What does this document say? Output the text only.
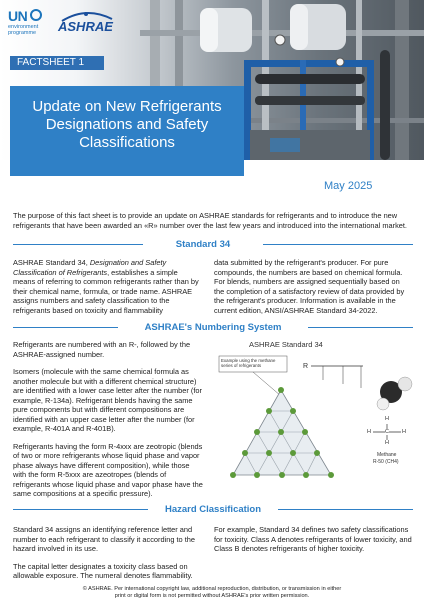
UN
environment
programme ASHRAE
FACTSHEET 1
Update on New Refrigerants Designations and Safety Classifications
May 2025

The purpose of this fact sheet is to provide an update on ASHRAE standards for refrigerants and to introduce the new refrigerants that have been awarded an «R» number over the last few years and introduced into the international market.

Standard 34

ASHRAE Standard 34, Designation and Safety Classification of Refrigerants, establishes a simple means of referring to common refrigerants rather than by their chemical name, formula, or trade name. ASHRAE assigns numbers and safety classification to the refrigerants based on toxicity and flammability

data submitted by the refrigerant's producer. For pure compounds, the numbers are based on chemical formula. For blends, numbers are assigned sequentially based on the completion of a satisfactory review of data provided by the refrigerant's producer. Information is available in the current edition, ANSI/ASHRAE Standard 34-2022.

ASHRAE's Numbering System

Refrigerants are numbered with an R-, followed by the ASHRAE-assigned number.

Isomers (molecule with the same chemical formula as another molecule but with a different chemical structure) are identified with a lower case letter after the number (for example, R-134a). Refrigerant blends having the same pure components but with different compositions are identified with an upper case letter after the number (for example, R-401A and R-401B).

Refrigerants having the form R-4xxx are zeotropic (blends of two or more refrigerants whose liquid phase and vapor phase always have different composition), while those with the form R-5xxx are azeotropes (blends of refrigerants whose liquid phase and vapor phase have the same compositions at a specific pressure).

R
ASHRAE Standard 34
Example using the methane series of refrigerants
H
H	C H
H
Methane
R-50 (CH4)
Hazard Classification

Standard 34 assigns an identifying reference letter and number to each refrigerant to classify it according to the hazard involved in its use.

The capital letter designates a toxicity class based on allowable exposure. The numeral denotes flammability.

For example, Standard 34 defines two safety classifications for toxicity. Class A denotes refrigerants of lower toxicity, and Class B denotes refrigerants of higher toxicity.

© ASHRAE. Per international copyright law, additional reproduction, distribution, or transmission in either
print or digital form is not permitted without ASHRAE's prior written permission.
